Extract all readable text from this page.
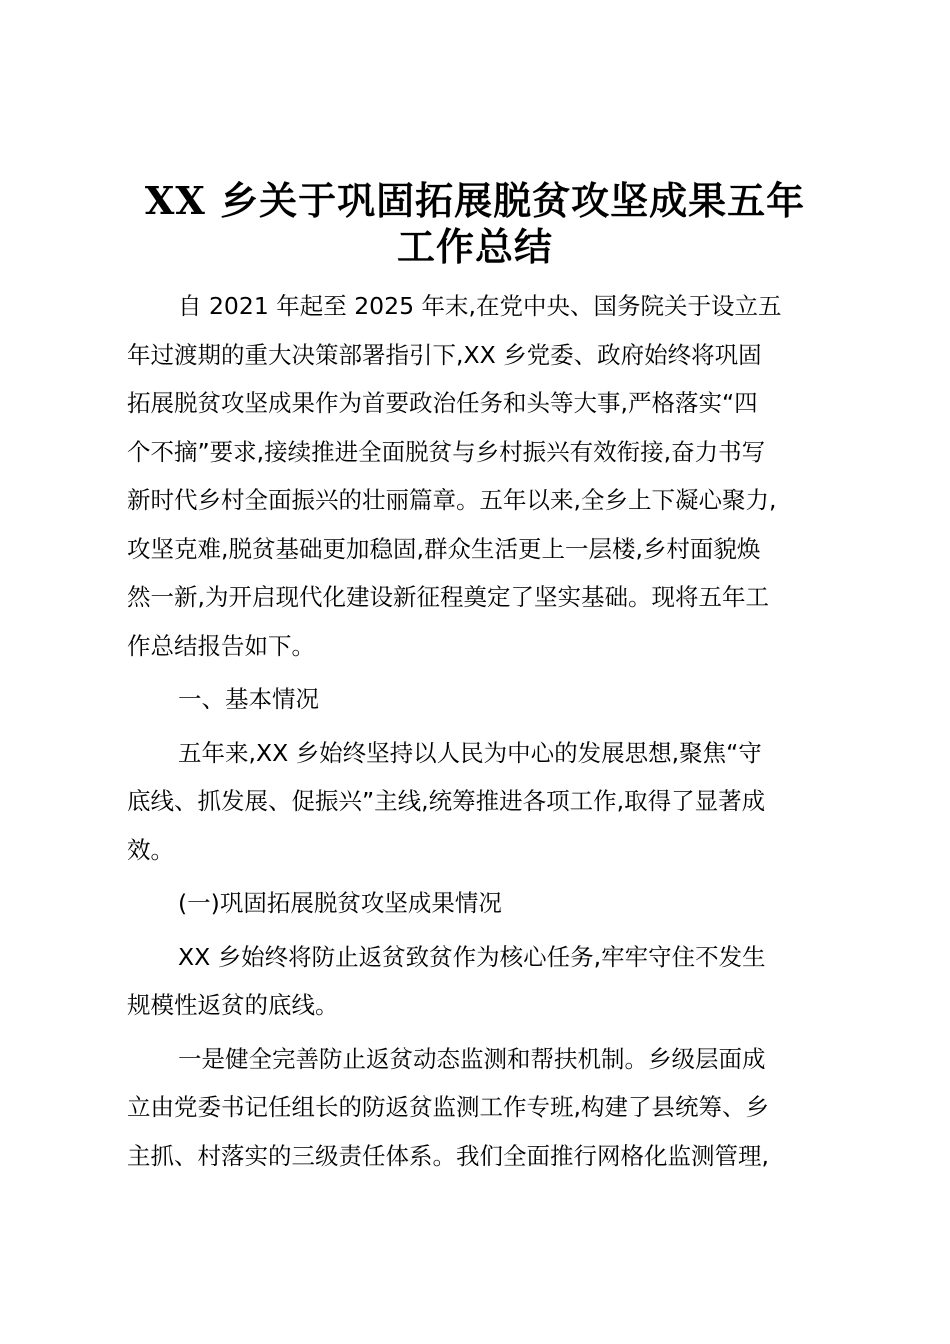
XX 乡关于巩固拓展脱贫攻坚成果五年
工作总结

自 2021 年起至 2025 年末,在党中央、国务院关于设立五
年过渡期的重大决策部署指引下,XX 乡党委、政府始终将巩固
拓展脱贫攻坚成果作为首要政治任务和头等大事,严格落实“四
个不摘”要求,接续推进全面脱贫与乡村振兴有效衔接,奋力书写
新时代乡村全面振兴的壮丽篇章。五年以来,全乡上下凝心聚力,
攻坚克难,脱贫基础更加稳固,群众生活更上一层楼,乡村面貌焕
然一新,为开启现代化建设新征程奠定了坚实基础。现将五年工
作总结报告如下。

一、基本情况

五年来,XX 乡始终坚持以人民为中心的发展思想,聚焦“守
底线、抓发展、促振兴”主线,统筹推进各项工作,取得了显著成
效。

(一)巩固拓展脱贫攻坚成果情况

XX 乡始终将防止返贫致贫作为核心任务,牢牢守住不发生
规模性返贫的底线。

一是健全完善防止返贫动态监测和帮扶机制。乡级层面成
立由党委书记任组长的防返贫监测工作专班,构建了县统筹、乡
主抓、村落实的三级责任体系。我们全面推行网格化监测管理,
